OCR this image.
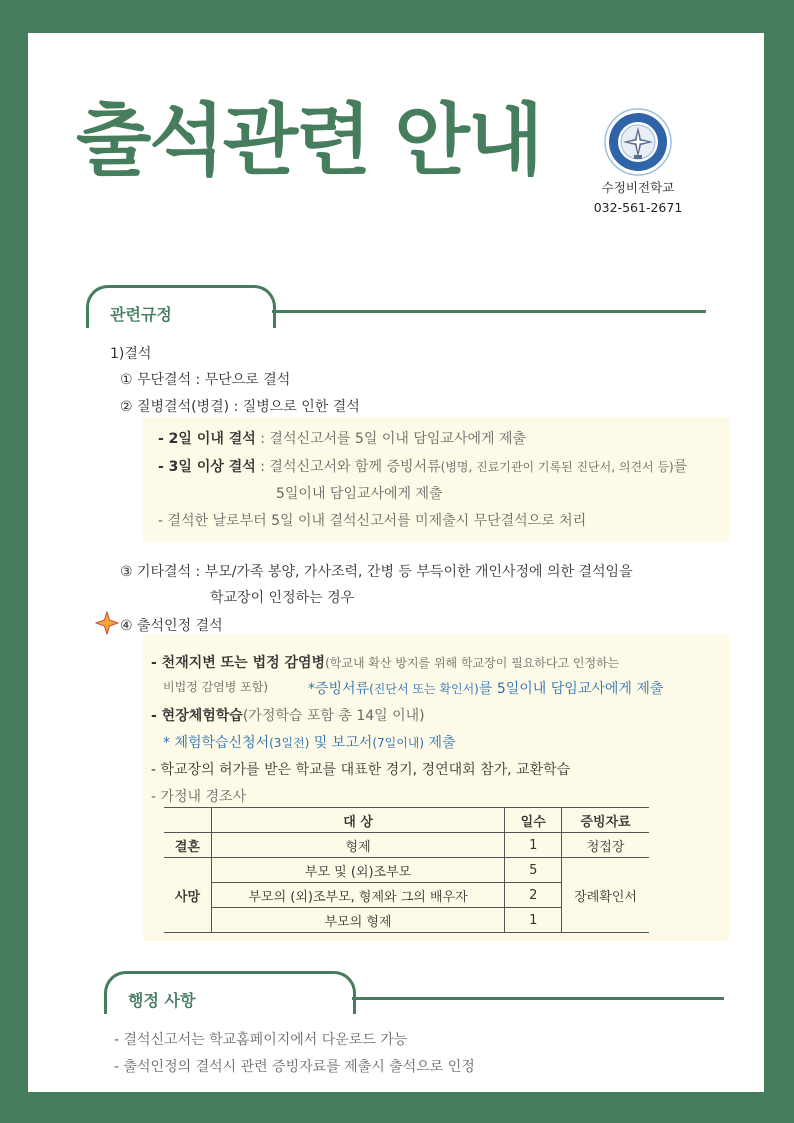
출석관련 안내
수정비전학교
032-561-2671
관련규정
1)결석
① 무단결석 : 무단으로 결석
② 질병결석(병결) : 질병으로 인한 결석
- 2일 이내 결석 : 결석신고서를 5일 이내 담임교사에게 제출
- 3일 이상 결석 : 결석신고서와 함께 증빙서류(병명, 진료기관이 기록된 진단서, 의견서 등)를
5일이내 담임교사에게 제출
- 결석한 날로부터 5일 이내 결석신고서를 미제출시 무단결석으로 처리
③ 기타결석 : 부모/가족 봉양, 가사조력, 간병 등 부득이한 개인사정에 의한 결석임을
학교장이 인정하는 경우
④ 출석인정 결석
- 천재지변 또는 법정 감염병(학교내 확산 방지를 위해 학교장이 필요하다고 인정하는
비법정 감염병 포함)	*증빙서류(진단서 또는 확인서)를 5일이내 담임교사에게 제출
- 현장체험학습(가정학습 포함 총 14일 이내)
* 체험학습신청서(3일전) 및 보고서(7일이내) 제출
- 학교장의 허가를 받은 학교를 대표한 경기, 경연대회 참가, 교환학습
- 가정내 경조사
	대 상	일수	증빙자료
결혼	형제	1	청접장
사망	부모 및 (외)조부모	5	장례확인서
	부모의 (외)조부모, 형제와 그의 배우자	2	
	부모의 형제	1	
행정 사항
- 결석신고서는 학교홈페이지에서 다운로드 가능
- 출석인정의 결석시 관련 증빙자료를 제출시 출석으로 인정
